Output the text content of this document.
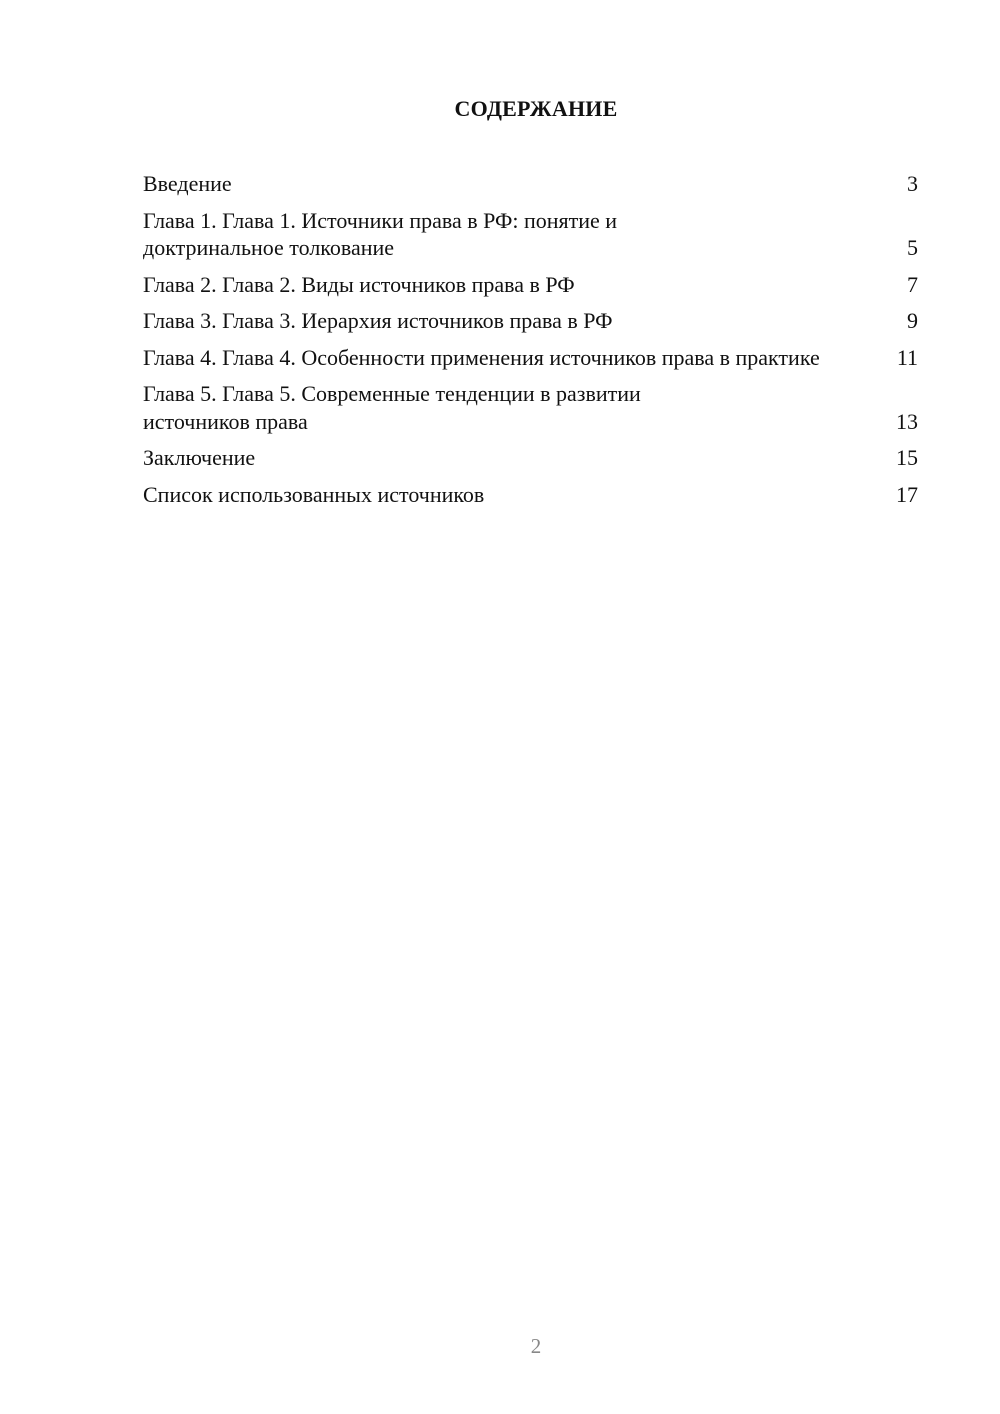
СОДЕРЖАНИЕ
Введение	3
Глава 1. Глава 1. Источники права в РФ: понятие и доктринальное толкование	5
Глава 2. Глава 2. Виды источников права в РФ	7
Глава 3. Глава 3. Иерархия источников права в РФ	9
Глава 4. Глава 4. Особенности применения источников права в практике	11
Глава 5. Глава 5. Современные тенденции в развитии источников права	13
Заключение	15
Список использованных источников	17
2
